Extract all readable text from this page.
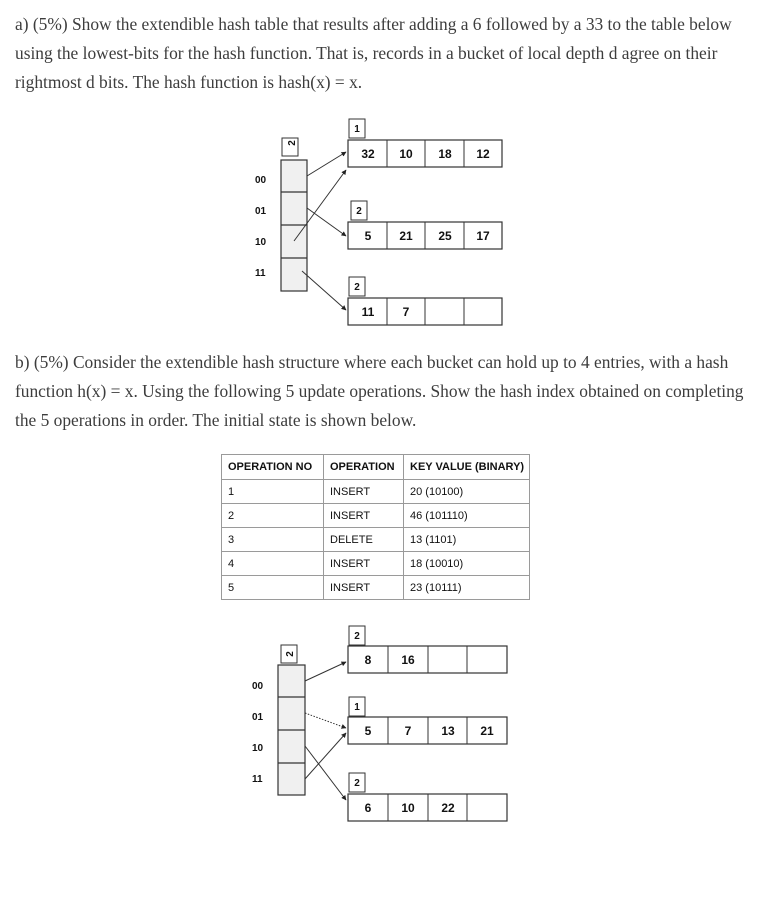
a) (5%) Show the extendible hash table that results after adding a 6 followed by a 33 to the table below using the lowest-bits for the hash function. That is, records in a bucket of local depth d agree on their rightmost d bits. The hash function is hash(x) = x.

2
00
01
10
11
1
32 10 18 12
2
5 21 25 17
2
11 7

b) (5%) Consider the extendible hash structure where each bucket can hold up to 4 entries, with a hash function h(x) = x. Using the following 5 update operations. Show the hash index obtained on completing the 5 operations in order. The initial state is shown below.

OPERATION NO	OPERATION	KEY VALUE (BINARY)
1	INSERT	20 (10100)
2	INSERT	46 (101110)
3	DELETE	13 (1101)
4	INSERT	18 (10010)
5	INSERT	23 (10111)
2
00
01
10
11
2
8 16
1
5	7 13 21
2
6 10 22
